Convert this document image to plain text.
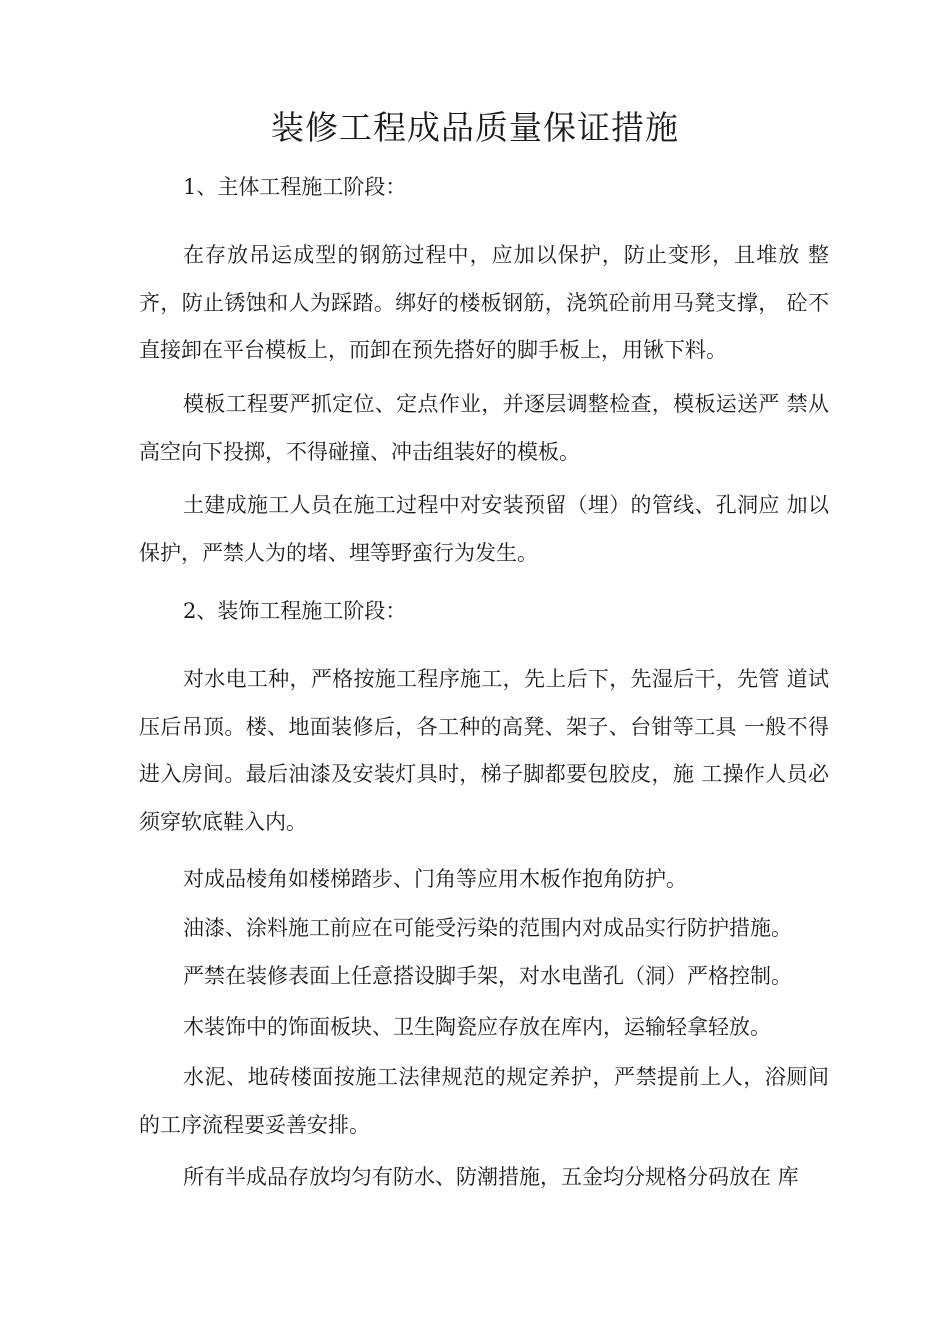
装修工程成品质量保证措施

1、主体工程施工阶段：

在存放吊运成型的钢筋过程中，应加以保护，防止变形，且堆放 整齐，防止锈蚀和人为踩踏。绑好的楼板钢筋，浇筑砼前用马凳支撑， 砼不直接卸在平台模板上，而卸在预先搭好的脚手板上，用锹下料。

模板工程要严抓定位、定点作业，并逐层调整检查，模板运送严 禁从高空向下投掷，不得碰撞、冲击组装好的模板。

土建成施工人员在施工过程中对安装预留（埋）的管线、孔洞应 加以保护，严禁人为的堵、埋等野蛮行为发生。

2、装饰工程施工阶段：

对水电工种，严格按施工程序施工，先上后下，先湿后干，先管 道试压后吊顶。楼、地面装修后，各工种的高凳、架子、台钳等工具 一般不得进入房间。最后油漆及安装灯具时，梯子脚都要包胶皮，施 工操作人员必须穿软底鞋入内。

对成品棱角如楼梯踏步、门角等应用木板作抱角防护。

油漆、涂料施工前应在可能受污染的范围内对成品实行防护措施。

严禁在装修表面上任意搭设脚手架，对水电凿孔（洞）严格控制。

木装饰中的饰面板块、卫生陶瓷应存放在库内，运输轻拿轻放。

水泥、地砖楼面按施工法律规范的规定养护，严禁提前上人，浴厕间的工序流程要妥善安排。

所有半成品存放均匀有防水、防潮措施，五金均分规格分码放在 库
